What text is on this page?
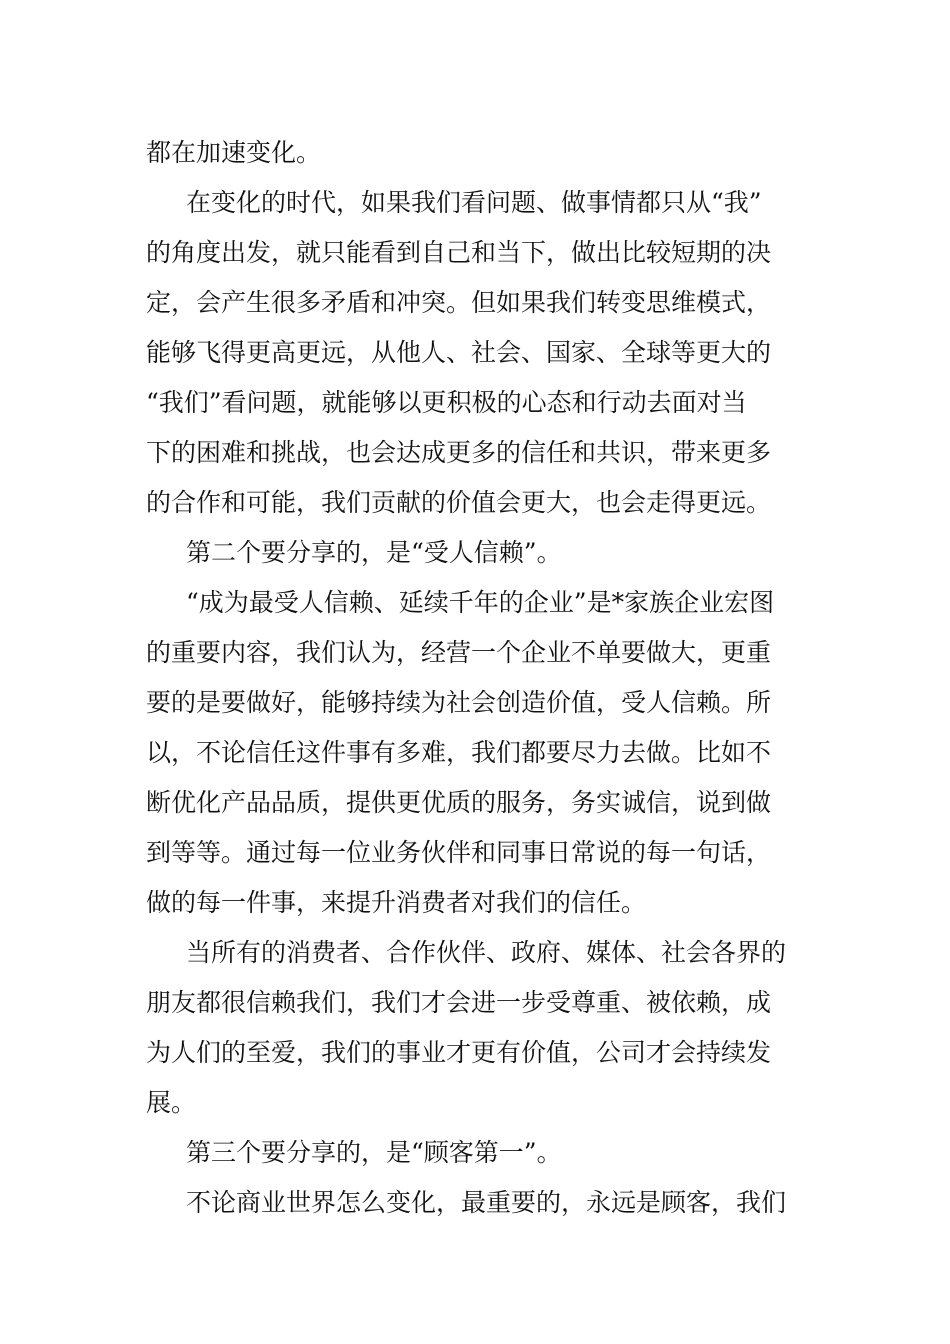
都在加速变化。
在变化的时代，如果我们看问题、做事情都只从“我”
的角度出发，就只能看到自己和当下，做出比较短期的决
定，会产生很多矛盾和冲突。但如果我们转变思维模式，
能够飞得更高更远，从他人、社会、国家、全球等更大的
“我们”看问题，就能够以更积极的心态和行动去面对当
下的困难和挑战，也会达成更多的信任和共识，带来更多
的合作和可能，我们贡献的价值会更大，也会走得更远。
第二个要分享的，是“受人信赖”。
“成为最受人信赖、延续千年的企业”是*家族企业宏图
的重要内容，我们认为，经营一个企业不单要做大，更重
要的是要做好，能够持续为社会创造价值，受人信赖。所
以，不论信任这件事有多难，我们都要尽力去做。比如不
断优化产品品质，提供更优质的服务，务实诚信，说到做
到等等。通过每一位业务伙伴和同事日常说的每一句话，
做的每一件事，来提升消费者对我们的信任。
当所有的消费者、合作伙伴、政府、媒体、社会各界的
朋友都很信赖我们，我们才会进一步受尊重、被依赖，成
为人们的至爱，我们的事业才更有价值，公司才会持续发
展。
第三个要分享的，是“顾客第一”。
不论商业世界怎么变化，最重要的，永远是顾客，我们
